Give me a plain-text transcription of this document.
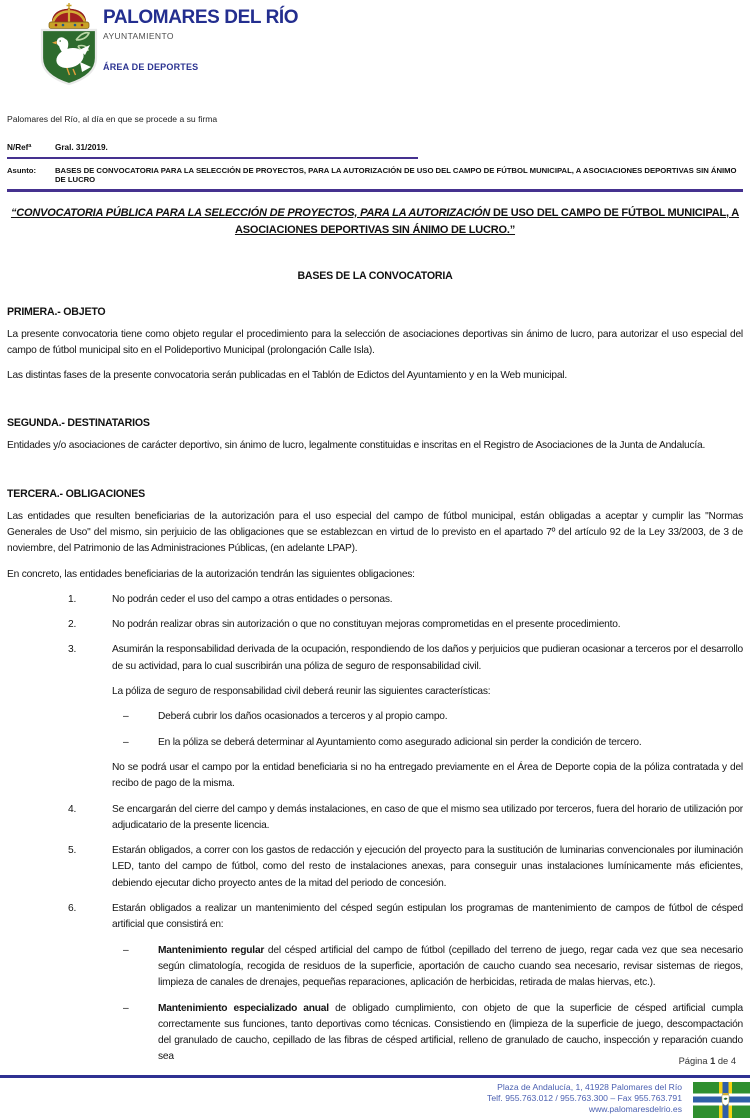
PALOMARES DEL RÍO
AYUNTAMIENTO
ÁREA DE DEPORTES
Palomares del Río, al día en que se procede a su firma
N/Refª	Gral. 31/2019.
Asunto:	BASES DE CONVOCATORIA PARA LA SELECCIÓN DE PROYECTOS, PARA LA AUTORIZACIÓN DE USO DEL CAMPO DE FÚTBOL MUNICIPAL, A ASOCIACIONES DEPORTIVAS SIN ÁNIMO DE LUCRO
“CONVOCATORIA PÚBLICA PARA LA SELECCIÓN DE PROYECTOS, PARA LA AUTORIZACIÓN DE USO DEL CAMPO DE FÚTBOL MUNICIPAL, A ASOCIACIONES DEPORTIVAS SIN ÁNIMO DE LUCRO.”
BASES DE LA CONVOCATORIA
PRIMERA.- OBJETO

La presente convocatoria tiene como objeto regular el procedimiento para la selección de asociaciones deportivas sin ánimo de lucro, para autorizar el uso especial del campo de fútbol municipal sito en el Polideportivo Municipal (prolongación Calle Isla).

Las distintas fases de la presente convocatoria serán publicadas en el Tablón de Edictos del Ayuntamiento y en la Web municipal.

SEGUNDA.- DESTINATARIOS

Entidades y/o asociaciones de carácter deportivo, sin ánimo de lucro, legalmente constituidas e inscritas en el Registro de Asociaciones de la Junta de Andalucía.

TERCERA.- OBLIGACIONES

Las entidades que resulten beneficiarias de la autorización para el uso especial del campo de fútbol municipal, están obligadas a aceptar y cumplir las "Normas Generales de Uso" del mismo, sin perjuicio de las obligaciones que se establezcan en virtud de lo previsto en el apartado 7º del artículo 92 de la Ley 33/2003, de 3 de noviembre, del Patrimonio de las Administraciones Públicas, (en adelante LPAP).

En concreto, las entidades beneficiarias de la autorización tendrán las siguientes obligaciones:

1.	No podrán ceder el uso del campo a otras entidades o personas.

2.	No podrán realizar obras sin autorización o que no constituyan mejoras comprometidas en el presente procedimiento.

3.	Asumirán la responsabilidad derivada de la ocupación, respondiendo de los daños y perjuicios que pudieran ocasionar a terceros por el desarrollo de su actividad, para lo cual suscribirán una póliza de seguro de responsabilidad civil.

La póliza de seguro de responsabilidad civil deberá reunir las siguientes características:

–	Deberá cubrir los daños ocasionados a terceros y al propio campo.

–	En la póliza se deberá determinar al Ayuntamiento como asegurado adicional sin perder la condición de tercero.

No se podrá usar el campo por la entidad beneficiaria si no ha entregado previamente en el Área de Deporte copia de la póliza contratada y del recibo de pago de la misma.

4.	Se encargarán del cierre del campo y demás instalaciones, en caso de que el mismo sea utilizado por terceros, fuera del horario de utilización por adjudicatario de la presente licencia.

5.	Estarán obligados, a correr con los gastos de redacción y ejecución del proyecto para la sustitución de luminarias convencionales por iluminación LED, tanto del campo de fútbol, como del resto de instalaciones anexas, para conseguir unas instalaciones lumínicamente más eficientes, debiendo ejecutar dicho proyecto antes de la mitad del periodo de concesión.

6.	Estarán obligados a realizar un mantenimiento del césped según estipulan los programas de mantenimiento de campos de fútbol de césped artificial que consistirá en:

–	Mantenimiento regular del césped artificial del campo de fútbol (cepillado del terreno de juego, regar cada vez que sea necesario según climatología, recogida de residuos de la superficie, aportación de caucho cuando sea necesario, revisar sistemas de riegos, limpieza de canales de drenajes, pequeñas reparaciones, aplicación de herbicidas, retirada de malas hiervas, etc.).

–	Mantenimiento especializado anual de obligado cumplimiento, con objeto de que la superficie de césped artificial cumpla correctamente sus funciones, tanto deportivas como técnicas. Consistiendo en (limpieza de la superficie de juego, descompactación del granulado de caucho, cepillado de las fibras de césped artificial, relleno de granulado de caucho, inspección y reparación cuando sea	Página 1 de 4
Plaza de Andalucía, 1, 41928 Palomares del Río
Telf. 955.763.012 / 955.763.300 – Fax 955.763.791
www.palomaresdelrio.es
